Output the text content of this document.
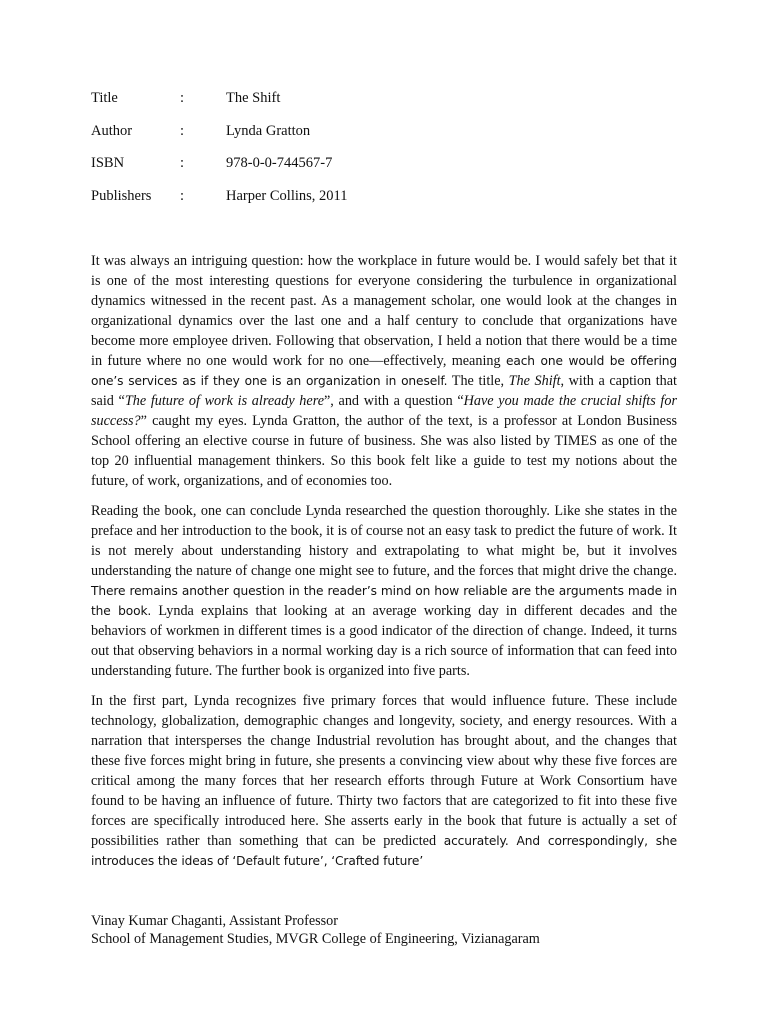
Title	:	The Shift
Author	:	Lynda Gratton
ISBN	:	978-0-0-744567-7
Publishers :	Harper Collins, 2011

It was always an intriguing question: how the workplace in future would be. I would safely bet that it is one of the most interesting questions for everyone considering the turbulence in organizational dynamics witnessed in the recent past. As a management scholar, one would look at the changes in organizational dynamics over the last one and a half century to conclude that organizations have become more employee driven. Following that observation, I held a notion that there would be a time in future where no one would work for no one—effectively, meaning each one would be offering one’s services as if they one is an organization in oneself. The title, The Shift, with a caption that said “The future of work is already here”, and with a question “Have you made the crucial shifts for success?” caught my eyes. Lynda Gratton, the author of the text, is a professor at London Business School offering an elective course in future of business. She was also listed by TIMES as one of the top 20 influential management thinkers. So this book felt like a guide to test my notions about the future, of work, organizations, and of economies too.

Reading the book, one can conclude Lynda researched the question thoroughly. Like she states in the preface and her introduction to the book, it is of course not an easy task to predict the future of work. It is not merely about understanding history and extrapolating to what might be, but it involves understanding the nature of change one might see to future, and the forces that might drive the change. There remains another question in the reader’s mind on how reliable are the arguments made in the book. Lynda explains that looking at an average working day in different decades and the behaviors of workmen in different times is a good indicator of the direction of change. Indeed, it turns out that observing behaviors in a normal working day is a rich source of information that can feed into understanding future. The further book is organized into five parts.

In the first part, Lynda recognizes five primary forces that would influence future. These include technology, globalization, demographic changes and longevity, society, and energy resources. With a narration that intersperses the change Industrial revolution has brought about, and the changes that these five forces might bring in future, she presents a convincing view about why these five forces are critical among the many forces that her research efforts through Future at Work Consortium have found to be having an influence of future. Thirty two factors that are categorized to fit into these five forces are specifically introduced here. She asserts early in the book that future is actually a set of possibilities rather than something that can be predicted accurately. And correspondingly, she introduces the ideas of ‘Default future’, ‘Crafted future’

Vinay Kumar Chaganti, Assistant Professor
School of Management Studies, MVGR College of Engineering, Vizianagaram
